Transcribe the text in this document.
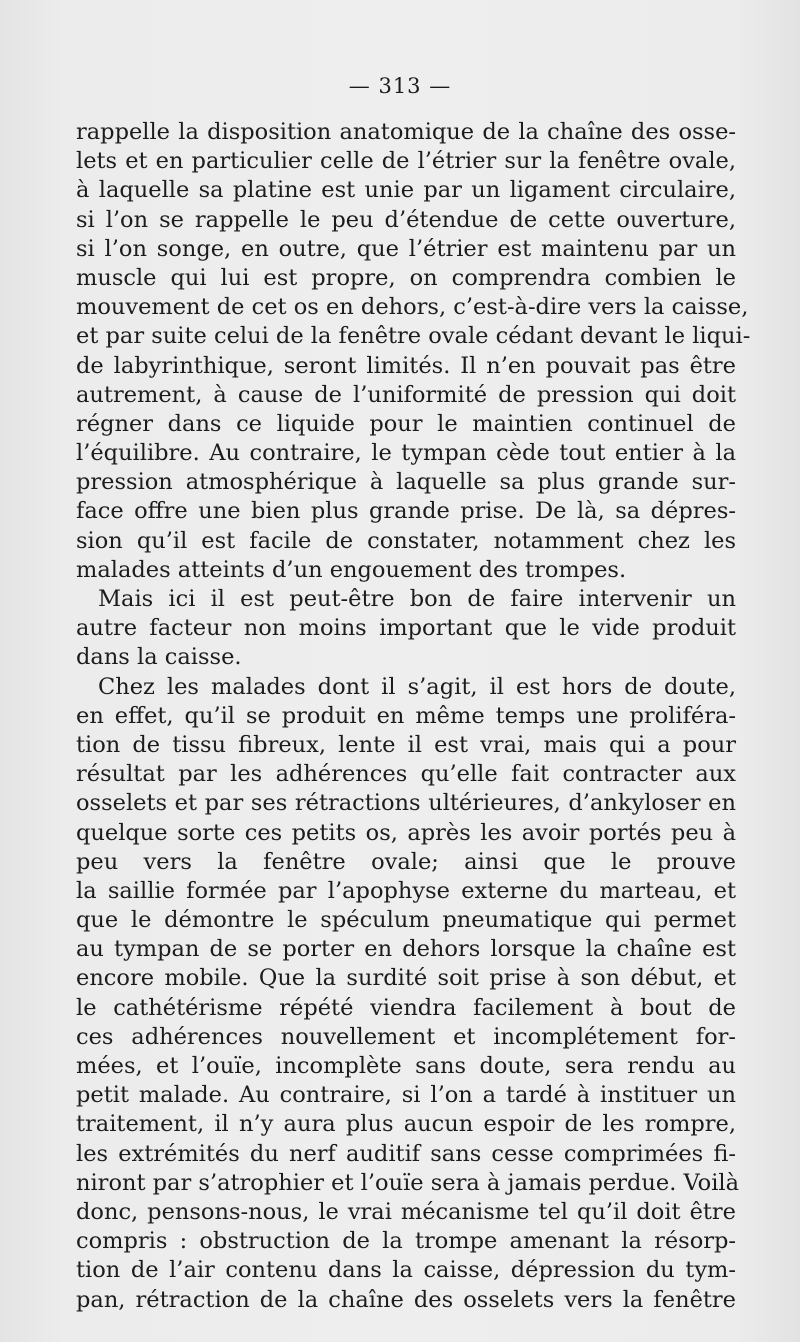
— 313 —
rappelle la disposition anatomique de la chaîne des osse-
lets et en particulier celle de l’étrier sur la fenêtre ovale,
à laquelle sa platine est unie par un ligament circulaire,
si l’on se rappelle le peu d’étendue de cette ouverture,
si l’on songe, en outre, que l’étrier est maintenu par un
muscle qui lui est propre, on comprendra combien le
mouvement de cet os en dehors, c’est-à-dire vers la caisse,
et par suite celui de la fenêtre ovale cédant devant le liqui-
de labyrinthique, seront limités. Il n’en pouvait pas être
autrement, à cause de l’uniformité de pression qui doit
régner dans ce liquide pour le maintien continuel de
l’équilibre. Au contraire, le tympan cède tout entier à la
pression atmosphérique à laquelle sa plus grande sur-
face offre une bien plus grande prise. De là, sa dépres-
sion qu’il est facile de constater, notamment chez les
malades atteints d’un engouement des trompes.
Mais ici il est peut-être bon de faire intervenir un
autre facteur non moins important que le vide produit
dans la caisse.
Chez les malades dont il s’agit, il est hors de doute,
en effet, qu’il se produit en même temps une proliféra-
tion de tissu fibreux, lente il est vrai, mais qui a pour
résultat par les adhérences qu’elle fait contracter aux
osselets et par ses rétractions ultérieures, d’ankyloser en
quelque sorte ces petits os, après les avoir portés peu à
peu vers la fenêtre ovale; ainsi que le prouve
la saillie formée par l’apophyse externe du marteau, et
que le démontre le spéculum pneumatique qui permet
au tympan de se porter en dehors lorsque la chaîne est
encore mobile. Que la surdité soit prise à son début, et
le cathétérisme répété viendra facilement à bout de
ces adhérences nouvellement et incomplétement for-
mées, et l’ouïe, incomplète sans doute, sera rendu au
petit malade. Au contraire, si l’on a tardé à instituer un
traitement, il n’y aura plus aucun espoir de les rompre,
les extrémités du nerf auditif sans cesse comprimées fi-
niront par s’atrophier et l’ouïe sera à jamais perdue. Voilà
donc, pensons-nous, le vrai mécanisme tel qu’il doit être
compris : obstruction de la trompe amenant la résorp-
tion de l’air contenu dans la caisse, dépression du tym-
pan, rétraction de la chaîne des osselets vers la fenêtre
